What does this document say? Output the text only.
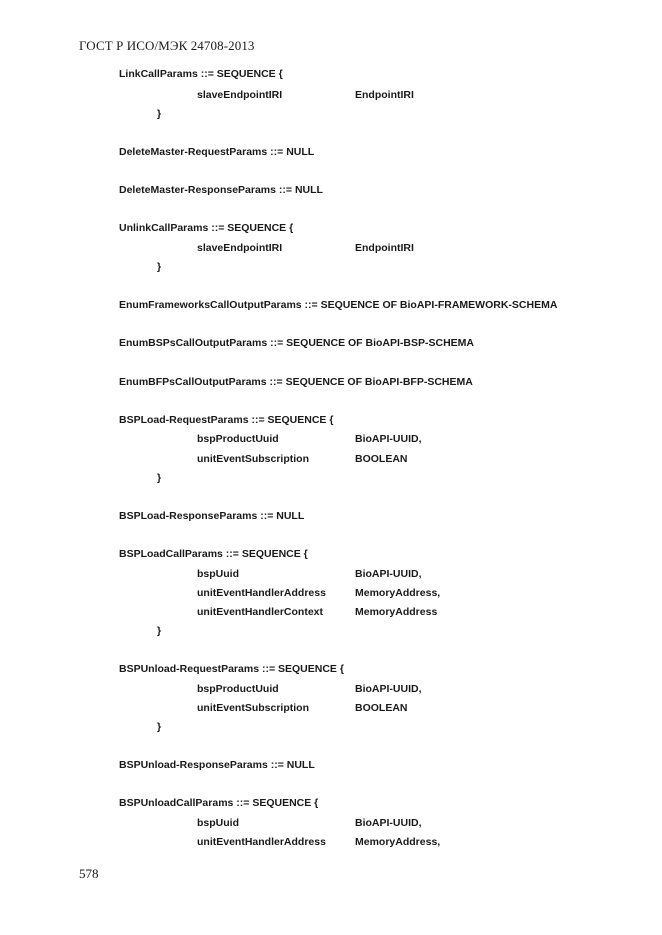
ГОСТ Р ИСО/МЭК 24708-2013
LinkCallParams ::= SEQUENCE {
slaveEndpointIRI	EndpointIRI
}
DeleteMaster-RequestParams ::= NULL
DeleteMaster-ResponseParams ::= NULL
UnlinkCallParams ::= SEQUENCE {
slaveEndpointIRI	EndpointIRI
}
EnumFrameworksCallOutputParams ::= SEQUENCE OF BioAPI-FRAMEWORK-SCHEMA
EnumBSPsCallOutputParams ::= SEQUENCE OF BioAPI-BSP-SCHEMA
EnumBFPsCallOutputParams ::= SEQUENCE OF BioAPI-BFP-SCHEMA
BSPLoad-RequestParams ::= SEQUENCE {
bspProductUuid	BioAPI-UUID,
unitEventSubscription	BOOLEAN
}
BSPLoad-ResponseParams ::= NULL
BSPLoadCallParams ::= SEQUENCE {
bspUuid	BioAPI-UUID,
unitEventHandlerAddress	MemoryAddress,
unitEventHandlerContext	MemoryAddress
}
BSPUnload-RequestParams ::= SEQUENCE {
bspProductUuid	BioAPI-UUID,
unitEventSubscription	BOOLEAN
}
BSPUnload-ResponseParams ::= NULL
BSPUnloadCallParams ::= SEQUENCE {
bspUuid	BioAPI-UUID,
unitEventHandlerAddress	MemoryAddress,
578
